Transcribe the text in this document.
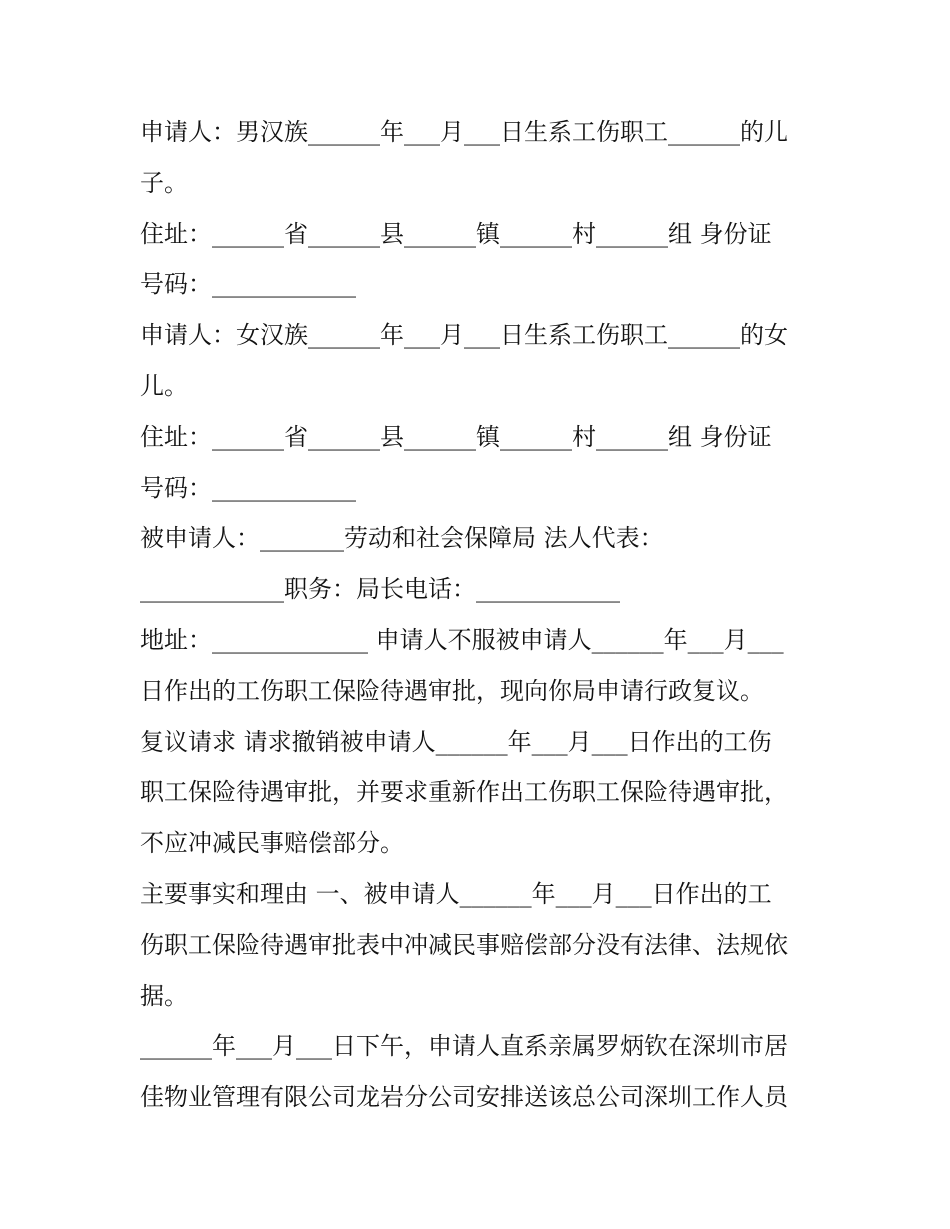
申请人：男汉族______年___月___日生系工伤职工______的儿
子。
住址：______省______县______镇______村______组 身份证
号码：____________
申请人：女汉族______年___月___日生系工伤职工______的女
儿。
住址：______省______县______镇______村______组 身份证
号码：____________
被申请人：_______劳动和社会保障局 法人代表：
____________职务：局长电话：____________
地址：_____________ 申请人不服被申请人______年___月___
日作出的工伤职工保险待遇审批，现向你局申请行政复议。
复议请求 请求撤销被申请人______年___月___日作出的工伤
职工保险待遇审批，并要求重新作出工伤职工保险待遇审批，
不应冲减民事赔偿部分。
主要事实和理由 一、被申请人______年___月___日作出的工
伤职工保险待遇审批表中冲减民事赔偿部分没有法律、法规依
据。
______年___月___日下午，申请人直系亲属罗炳钦在深圳市居
佳物业管理有限公司龙岩分公司安排送该总公司深圳工作人员
